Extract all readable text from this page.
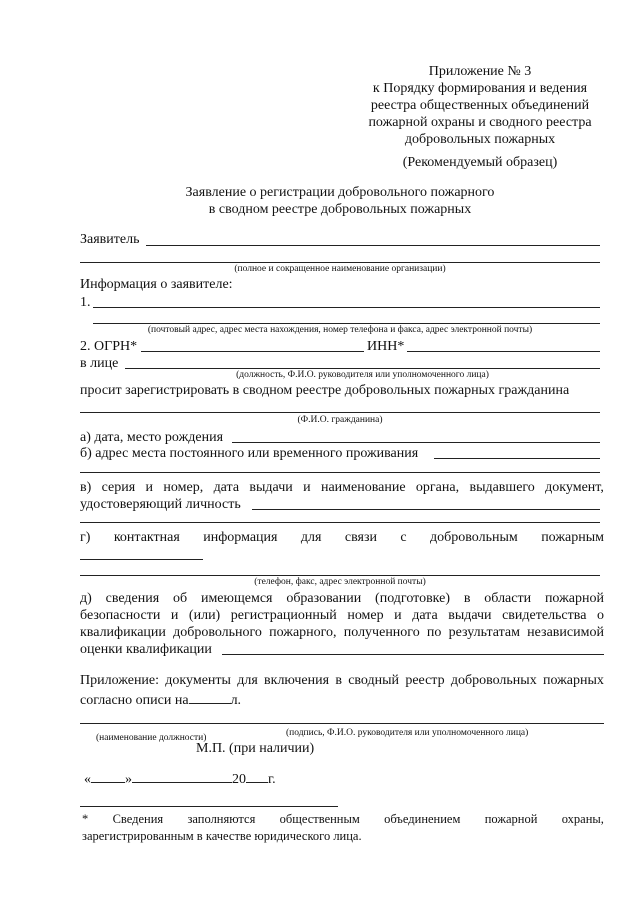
Приложение № 3
к Порядку формирования и ведения
реестра общественных объединений
пожарной охраны и сводного реестра
добровольных пожарных
(Рекомендуемый образец)
Заявление о регистрации добровольного пожарного
в сводном реестре добровольных пожарных
Заявитель
(полное и сокращенное наименование организации)
Информация о заявителе:
1.
(почтовый адрес, адрес места нахождения, номер телефона и факса, адрес электронной почты)
2. ОГРН*	ИНН*
в лице
(должность, Ф.И.О. руководителя или уполномоченного лица)
просит зарегистрировать в сводном реестре добровольных пожарных гражданина
(Ф.И.О. гражданина)
а) дата, место рождения
б) адрес места постоянного или временного проживания
в) серия и номер, дата выдачи и наименование органа, выдавшего документ,
удостоверяющий личность
г) контактная информация для связи с добровольным пожарным
(телефон, факс, адрес электронной почты)
д) сведения об имеющемся образовании (подготовке) в области пожарной
безопасности и (или) регистрационный номер и дата выдачи свидетельства о
квалификации добровольного пожарного, полученного по результатам независимой
оценки квалификации
Приложение: документы для включения в сводный реестр добровольных пожарных
согласно описи на	л.
(наименование должности)	(подпись, Ф.И.О. руководителя или уполномоченного лица)
М.П. (при наличии)
« »	20 г.
* Сведения заполняются общественным объединением пожарной охраны,
зарегистрированным в качестве юридического лица.
